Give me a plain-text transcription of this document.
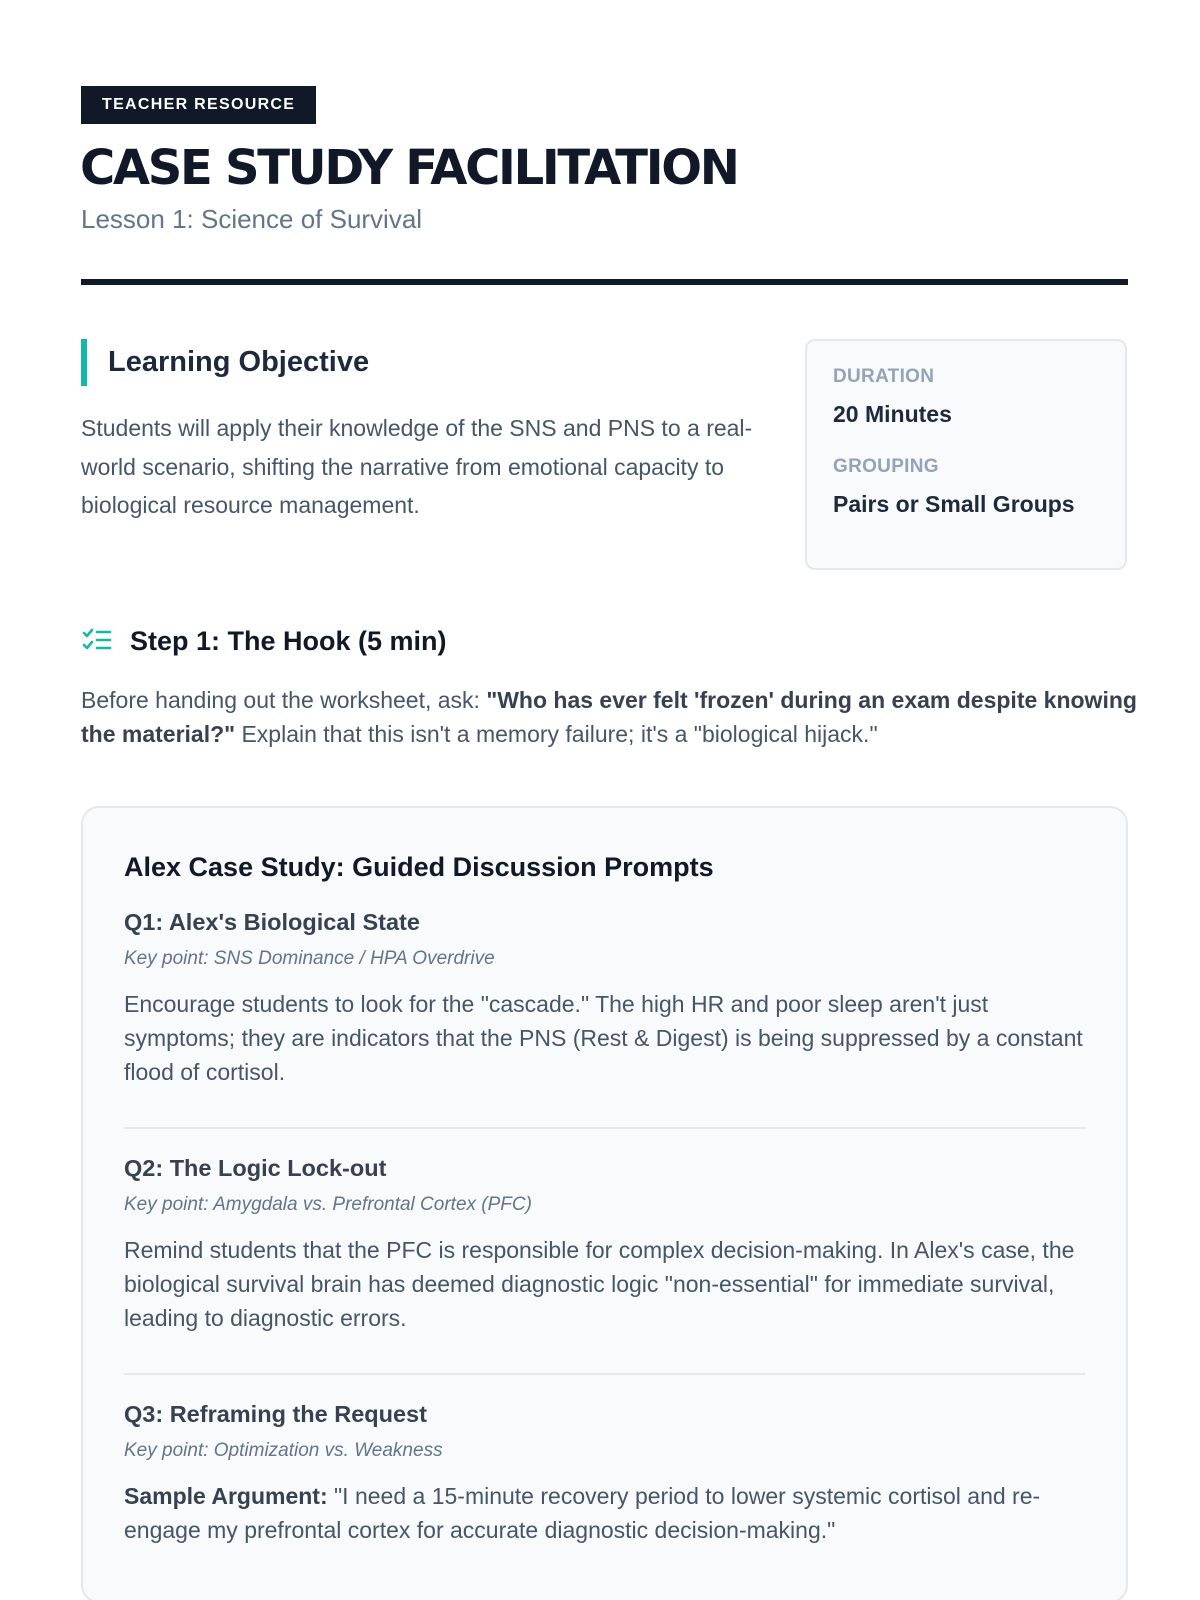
TEACHER RESOURCE
CASE STUDY FACILITATION
Lesson 1: Science of Survival
Learning Objective

Students will apply their knowledge of the SNS and PNS to a real-world scenario, shifting the narrative from emotional capacity to biological resource management.

DURATION
20 Minutes
GROUPING
Pairs or Small Groups
Step 1: The Hook (5 min)

Before handing out the worksheet, ask: "Who has ever felt 'frozen' during an exam despite knowing the material?" Explain that this isn't a memory failure; it's a "biological hijack."

Alex Case Study: Guided Discussion Prompts
Q1: Alex's Biological State
Key point: SNS Dominance / HPA Overdrive

Encourage students to look for the "cascade." The high HR and poor sleep aren't just symptoms; they are indicators that the PNS (Rest & Digest) is being suppressed by a constant flood of cortisol.

Q2: The Logic Lock-out
Key point: Amygdala vs. Prefrontal Cortex (PFC)

Remind students that the PFC is responsible for complex decision-making. In Alex's case, the biological survival brain has deemed diagnostic logic "non-essential" for immediate survival, leading to diagnostic errors.

Q3: Reframing the Request
Key point: Optimization vs. Weakness

Sample Argument: "I need a 15-minute recovery period to lower systemic cortisol and re-engage my prefrontal cortex for accurate diagnostic decision-making."
